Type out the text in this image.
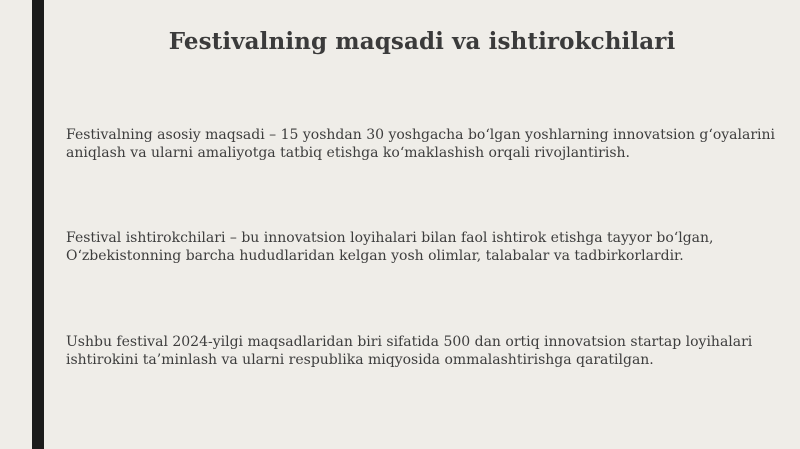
Festivalning maqsadi va ishtirokchilari
Festivalning asosiy maqsadi – 15 yoshdan 30 yoshgacha bo‘lgan yoshlarning innovatsion g‘oyalarini aniqlash va ularni amaliyotga tatbiq etishga ko‘maklashish orqali rivojlantirish.
Festival ishtirokchilari – bu innovatsion loyihalari bilan faol ishtirok etishga tayyor bo‘lgan, O‘zbekistonning barcha hududlaridan kelgan yosh olimlar, talabalar va tadbirkorlardir.
Ushbu festival 2024-yilgi maqsadlaridan biri sifatida 500 dan ortiq innovatsion startap loyihalari ishtirokini ta’minlash va ularni respublika miqyosida ommalashtirishga qaratilgan.
